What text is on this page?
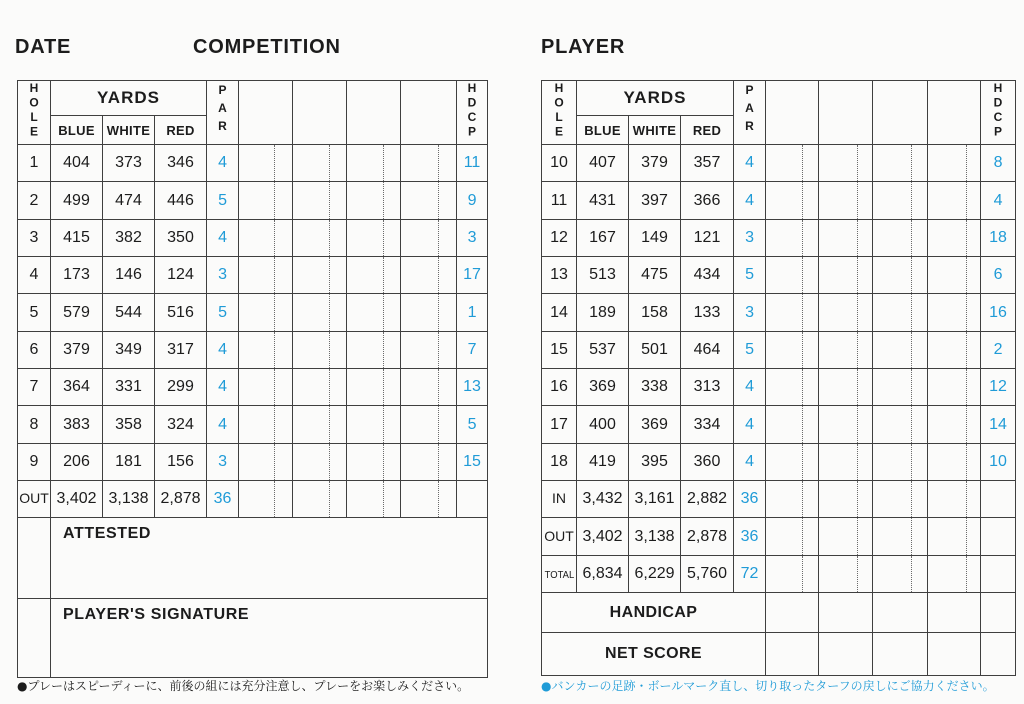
DATE	COMPETITION	PLAYER
HOLE	YARDS			PAR									HDCP
	BLUE	WHITE	RED										
1	404	373	346	4									11
2	499	474	446	5									9
3	415	382	350	4									3
4	173	146	124	3									17
5	579	544	516	5									1
6	379	349	317	4									7
7	364	331	299	4									13
8	383	358	324	4									5
9	206	181	156	3									15
OUT	3,402	3,138	2,878	36									
	ATTESTED												
	PLAYER'S SIGNATURE												
HOLE	YARDS			PAR									HDCP
	BLUE	WHITE	RED										
10	407	379	357	4									8
11	431	397	366	4									4
12	167	149	121	3									18
13	513	475	434	5									6
14	189	158	133	3									16
15	537	501	464	5									2
16	369	338	313	4									12
17	400	369	334	4									14
18	419	395	360	4									10
IN	3,432	3,161	2,882	36									
OUT	3,402	3,138	2,878	36									
TOTAL	6,834	6,229	5,760	72									
HANDICAP													
NET SCORE													
●プレーはスピーディーに、前後の組には充分注意し、プレーをお楽しみください。	●バンカーの足跡・ボールマーク直し、切り取ったターフの戻しにご協力ください。
